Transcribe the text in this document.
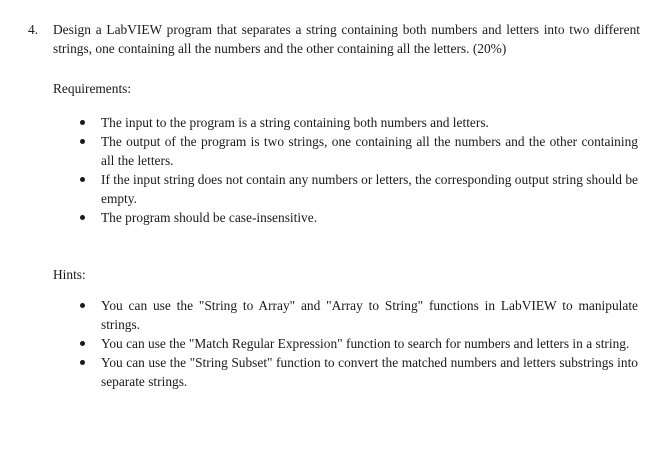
4. Design a LabVIEW program that separates a string containing both numbers and letters into two different strings, one containing all the numbers and the other containing all the letters. (20%)
Requirements:
The input to the program is a string containing both numbers and letters.
The output of the program is two strings, one containing all the numbers and the other containing all the letters.
If the input string does not contain any numbers or letters, the corresponding output string should be empty.
The program should be case-insensitive.
Hints:
You can use the "String to Array" and "Array to String" functions in LabVIEW to manipulate strings.
You can use the "Match Regular Expression" function to search for numbers and letters in a string.
You can use the "String Subset" function to convert the matched numbers and letters substrings into separate strings.
